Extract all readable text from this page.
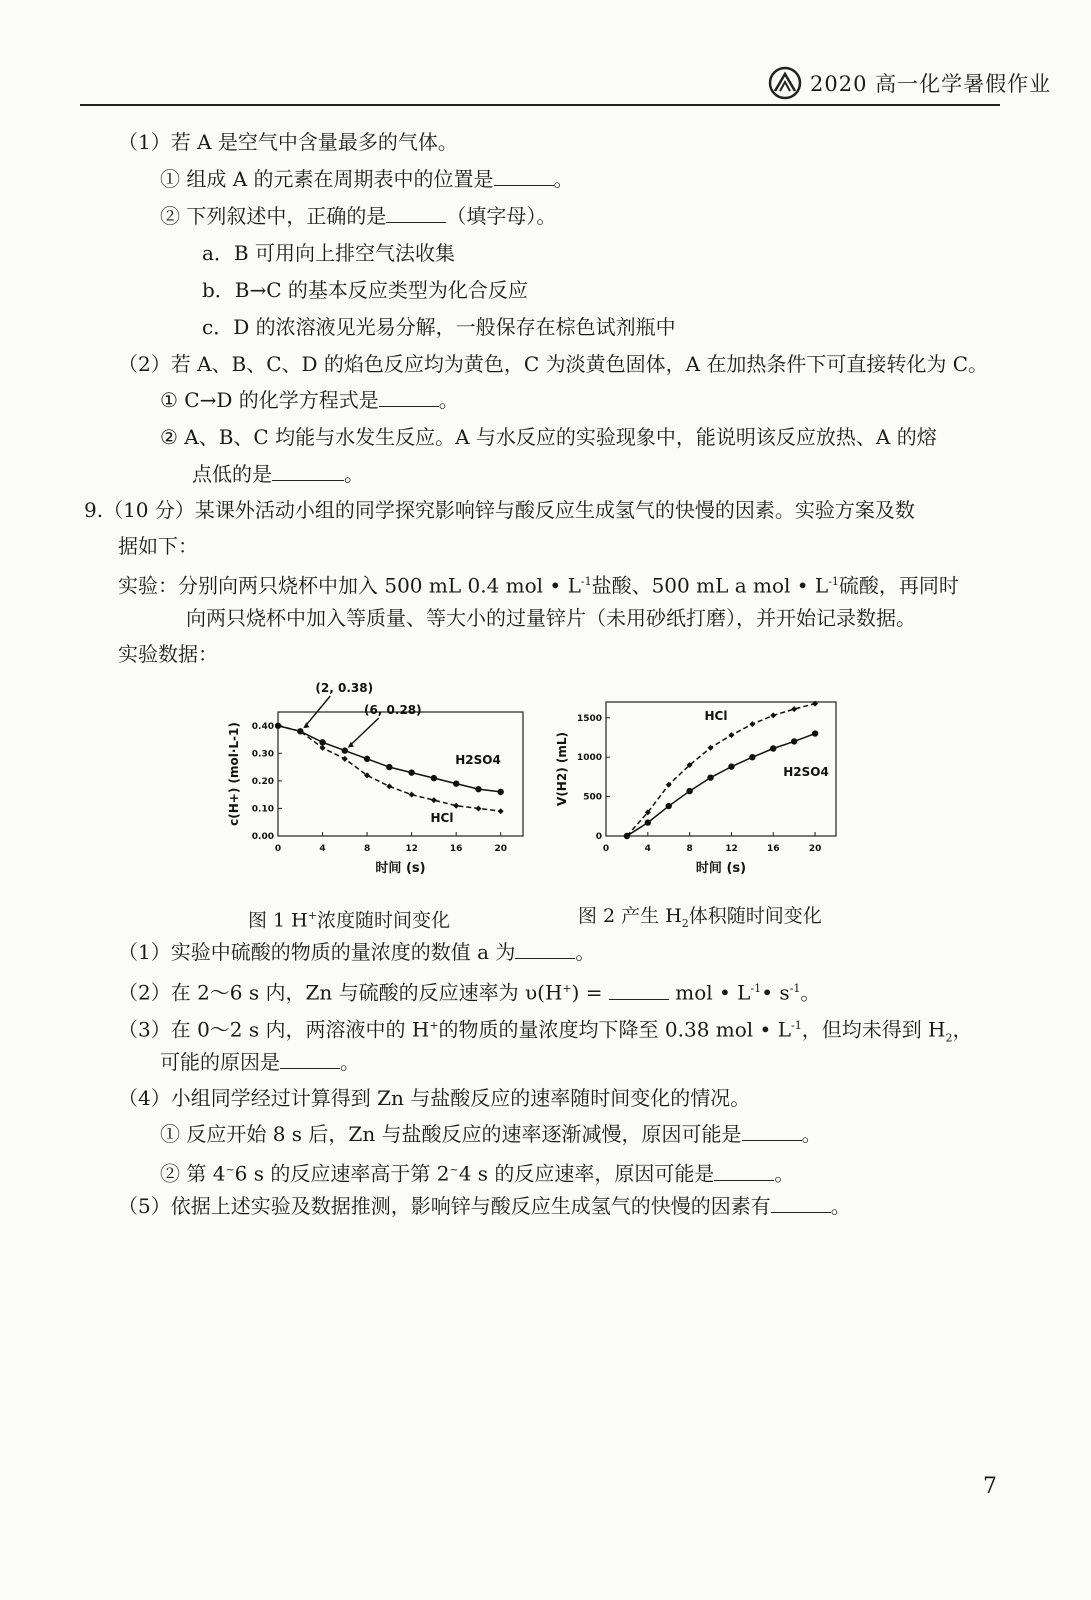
2020 高一化学暑假作业
（1）若 A 是空气中含量最多的气体。
① 组成 A 的元素在周期表中的位置是	。
② 下列叙述中，正确的是	（填字母）。
a．B 可用向上排空气法收集
b．B→C 的基本反应类型为化合反应
c．D 的浓溶液见光易分解，一般保存在棕色试剂瓶中
（2）若 A、B、C、D 的焰色反应均为黄色，C 为淡黄色固体，A 在加热条件下可直接转化为 C。
① C→D 的化学方程式是	。
② A、B、C 均能与水发生反应。A 与水反应的实验现象中，能说明该反应放热、A 的熔
点低的是	。
9.（10 分）某课外活动小组的同学探究影响锌与酸反应生成氢气的快慢的因素。实验方案及数
据如下：
实验：分别向两只烧杯中加入 500 mL 0.4 mol • $L^{-1}$盐酸、500 mL a mol • $L^{-1}$硫酸，再同时
向两只烧杯中加入等质量、等大小的过量锌片（未用砂纸打磨），并开始记录数据。
实验数据：
0	4	8	12	16	20
0.00
0.10
0.20
0.30
0.40
时间 (s)
c(H+) (mol·L-1)	H2SO4
HCl
(2, 0.38)
(6, 0.28)
0	4	8	12	16	20
0
500
1000
1500
时间 (s)
V(H2) (mL)
HCl
H2SO4
图 1 H+浓度随时间变化	图 2 产生 $H_2$体积随时间变化
（1）实验中硫酸的物质的量浓度的数值 a 为	。
（2）在 2～6 s 内，Zn 与硫酸的反应速率为 υ(H+) =	mol • $L^{-1}•$ $s^{-1}$。
（3）在 0～2 s 内，两溶液中的 H+的物质的量浓度均下降至 0.38 mol • $L^{-1}$，但均未得到 $H_2$，
可能的原因是	。
（4）小组同学经过计算得到 Zn 与盐酸反应的速率随时间变化的情况。
① 反应开始 8 s 后，Zn 与盐酸反应的速率逐渐减慢，原因可能是	。
② 第 4~6 s 的反应速率高于第 2~4 s 的反应速率，原因可能是	。
（5）依据上述实验及数据推测，影响锌与酸反应生成氢气的快慢的因素有	。
7
